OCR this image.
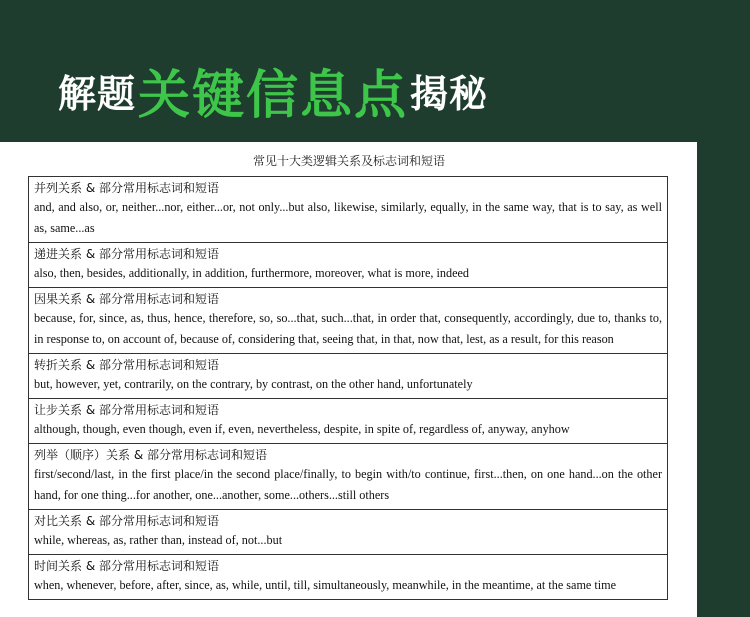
解题 关键信息点 揭秘
常见十大类逻辑关系及标志词和短语
并列关系 & 部分常用标志词和短语
and, and also, or, neither...nor, either...or, not only...but also, likewise, similarly, equally, in the same way, that is to say, as well as, same...as
递进关系 & 部分常用标志词和短语
also, then, besides, additionally, in addition, furthermore, moreover, what is more, indeed
因果关系 & 部分常用标志词和短语
because, for, since, as, thus, hence, therefore, so, so...that, such...that, in order that, consequently, accordingly, due to, thanks to, in response to, on account of, because of, considering that, seeing that, in that, now that, lest, as a result, for this reason
转折关系 & 部分常用标志词和短语
but, however, yet, contrarily, on the contrary, by contrast, on the other hand, unfortunately
让步关系 & 部分常用标志词和短语
although, though, even though, even if, even, nevertheless, despite, in spite of, regardless of, anyway, anyhow
列举（顺序）关系 & 部分常用标志词和短语
first/second/last, in the first place/in the second place/finally, to begin with/to continue, first...then, on one hand...on the other hand, for one thing...for another, one...another, some...others...still others
对比关系 & 部分常用标志词和短语
while, whereas, as, rather than, instead of, not...but
时间关系 & 部分常用标志词和短语
when, whenever, before, after, since, as, while, until, till, simultaneously, meanwhile, in the meantime, at the same time
